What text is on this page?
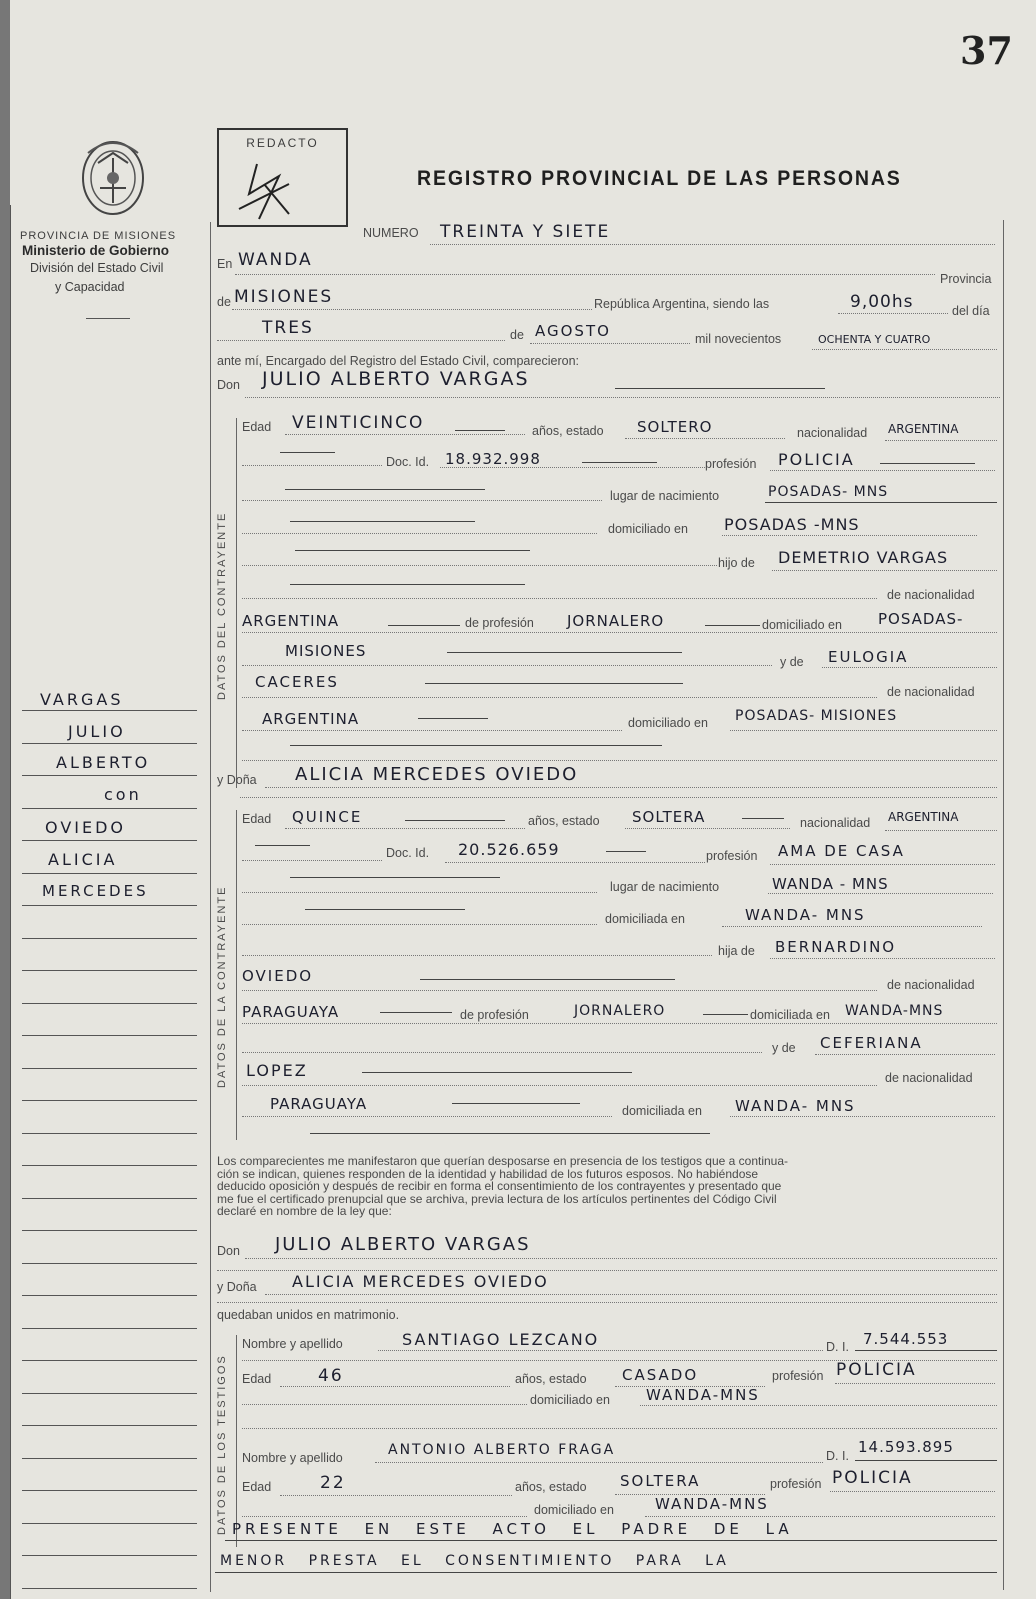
37
PROVINCIA DE MISIONES
Ministerio de Gobierno
División del Estado Civil
y Capacidad
REDACTO
REGISTRO PROVINCIAL DE LAS PERSONAS
NUMERO TREINTA Y SIETE
En WANDA
Provincia
de MISIONES	República Argentina, siendo las	9,00hs	del día
TRES	de AGOSTO	mil novecientos	OCHENTA Y CUATRO
ante mí, Encargado del Registro del Estado Civil, comparecieron:
Don JULIO ALBERTO VARGAS
DATOS DEL CONTRAYENTE
Edad VEINTICINCO	años, estado SOLTERO	nacionalidad ARGENTINA
Doc. Id. 18.932.998	profesión POLICIA
lugar de nacimiento	POSADAS- MNS
domiciliado en POSADAS -MNS
hijo de DEMETRIO VARGAS
de nacionalidad
ARGENTINA	de profesión JORNALERO	domiciliado en POSADAS-
MISIONES
y de EULOGIA
CACERES
de nacionalidad
ARGENTINA	domiciliado en POSADAS- MISIONES
y Doña ALICIA MERCEDES OVIEDO
DATOS DE LA CONTRAYENTE
Edad QUINCE	años, estado SOLTERA	nacionalidad ARGENTINA
Doc. Id. 20.526.659	profesión AMA DE CASA
lugar de nacimiento	WANDA - MNS
domiciliada en	WANDA- MNS
hija de BERNARDINO
OVIEDO	de nacionalidad
PARAGUAYA	de profesión	JORNALERO	domiciliada en WANDA-MNS
y de CEFERIANA
LOPEZ	de nacionalidad
PARAGUAYA	domiciliada en WANDA- MNS
Los comparecientes me manifestaron que querían desposarse en presencia de los testigos que a continua-
ción se indican, quienes responden de la identidad y habilidad de los futuros esposos. No habiéndose
deducido oposición y después de recibir en forma el consentimiento de los contrayentes y presentado que
me fue el certificado prenupcial que se archiva, previa lectura de los artículos pertinentes del Código Civil
declaré en nombre de la ley que:
Don JULIO ALBERTO VARGAS
y Doña ALICIA MERCEDES OVIEDO
quedaban unidos en matrimonio.
DATOS DE LOS TESTIGOS
Nombre y apellido	SANTIAGO LEZCANO	D. I. 7.544.553
Edad	46	años, estado CASADO	profesión POLICIA
domiciliado en WANDA-MNS
Nombre y apellido	ANTONIO ALBERTO FRAGA	D. I. 14.593.895
Edad	22	años, estado SOLTERA	profesión POLICIA
domiciliado en	WANDA-MNS
PRESENTE EN ESTE ACTO EL PADRE DE LA
MENOR PRESTA EL CONSENTIMIENTO PARA LA
VARGAS
JULIO
ALBERTO
con
OVIEDO
ALICIA
MERCEDES
